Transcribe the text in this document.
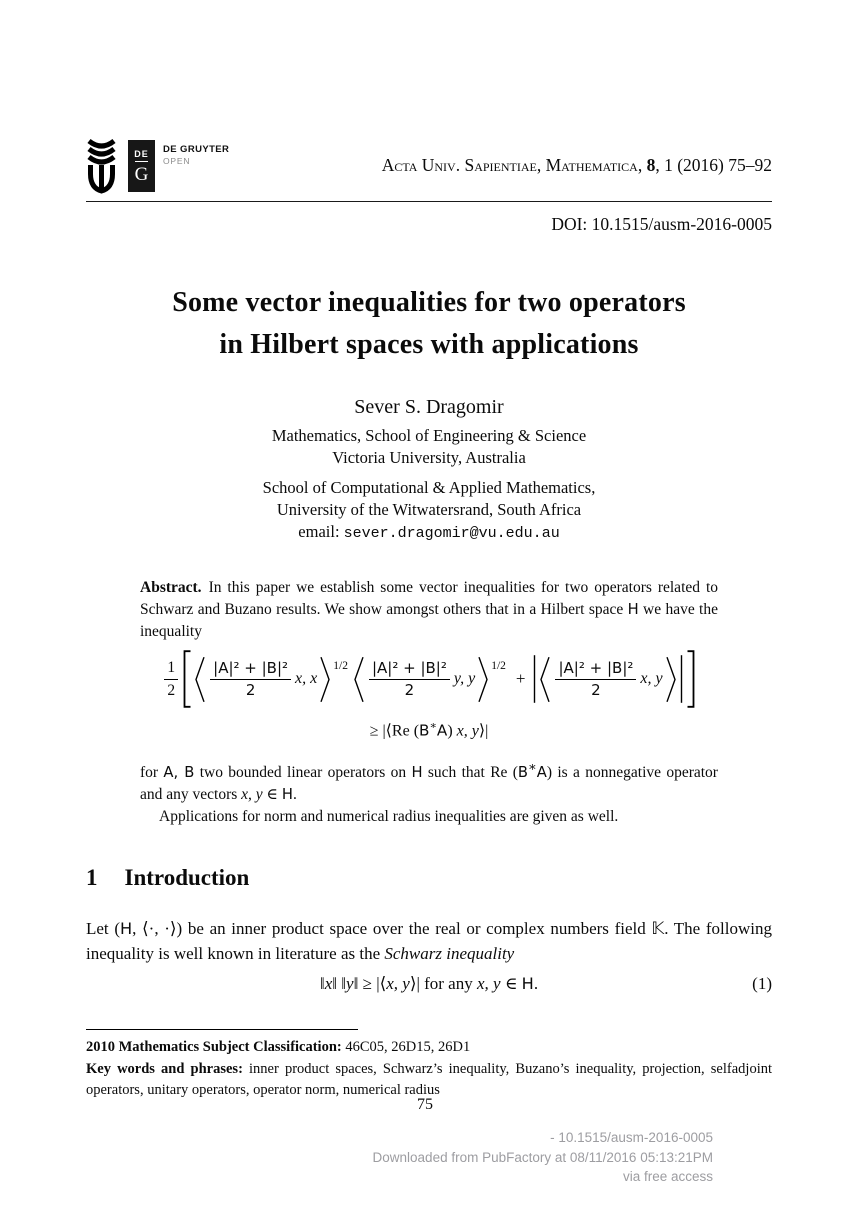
DE
G
DE GRUYTER
OPEN	Acta Univ. Sapientiae, Mathematica, 8, 1 (2016) 75–92
DOI: 10.1515/ausm-2016-0005
Some vector inequalities for two operators
in Hilbert spaces with applications
Sever S. Dragomir
Mathematics, School of Engineering & Science
Victoria University, Australia
School of Computational & Applied Mathematics,
University of the Witwatersrand, South Africa
email: sever.dragomir@vu.edu.au

Abstract. In this paper we establish some vector inequalities for two operators related to Schwarz and Buzano results. We show amongst others that in a Hilbert space H we have the inequality

$\frac{1}{2} \frac{\text{|A|² + |B|²}}{2} x$, x
$^{1/2} \frac{\text{|A|² + |B|²}}{2} y$, y
$^{1/2}$
+ $\frac{\text{|A|² + |B|²}}{2} x$, y
≥ |⟨Re (B∗A) x, y⟩|

for A, B two bounded linear operators on H such that Re (B∗A) is a nonnegative operator and any vectors x, y ∈ H.

Applications for norm and numerical radius inequalities are given as well.

1 Introduction

Let (H, ⟨·, ·⟩) be an inner product space over the real or complex numbers field 𝕂. The following inequality is well known in literature as the Schwarz inequality

‖x‖ ‖y‖ ≥ |⟨x, y⟩| for any x, y ∈ H.	(1)
2010 Mathematics Subject Classification: 46C05, 26D15, 26D1
Key words and phrases: inner product spaces, Schwarz’s inequality, Buzano’s inequality, projection, selfadjoint operators, unitary operators, operator norm, numerical radius
75
- 10.1515/ausm-2016-0005
Downloaded from PubFactory at 08/11/2016 05:13:21PM
via free access
